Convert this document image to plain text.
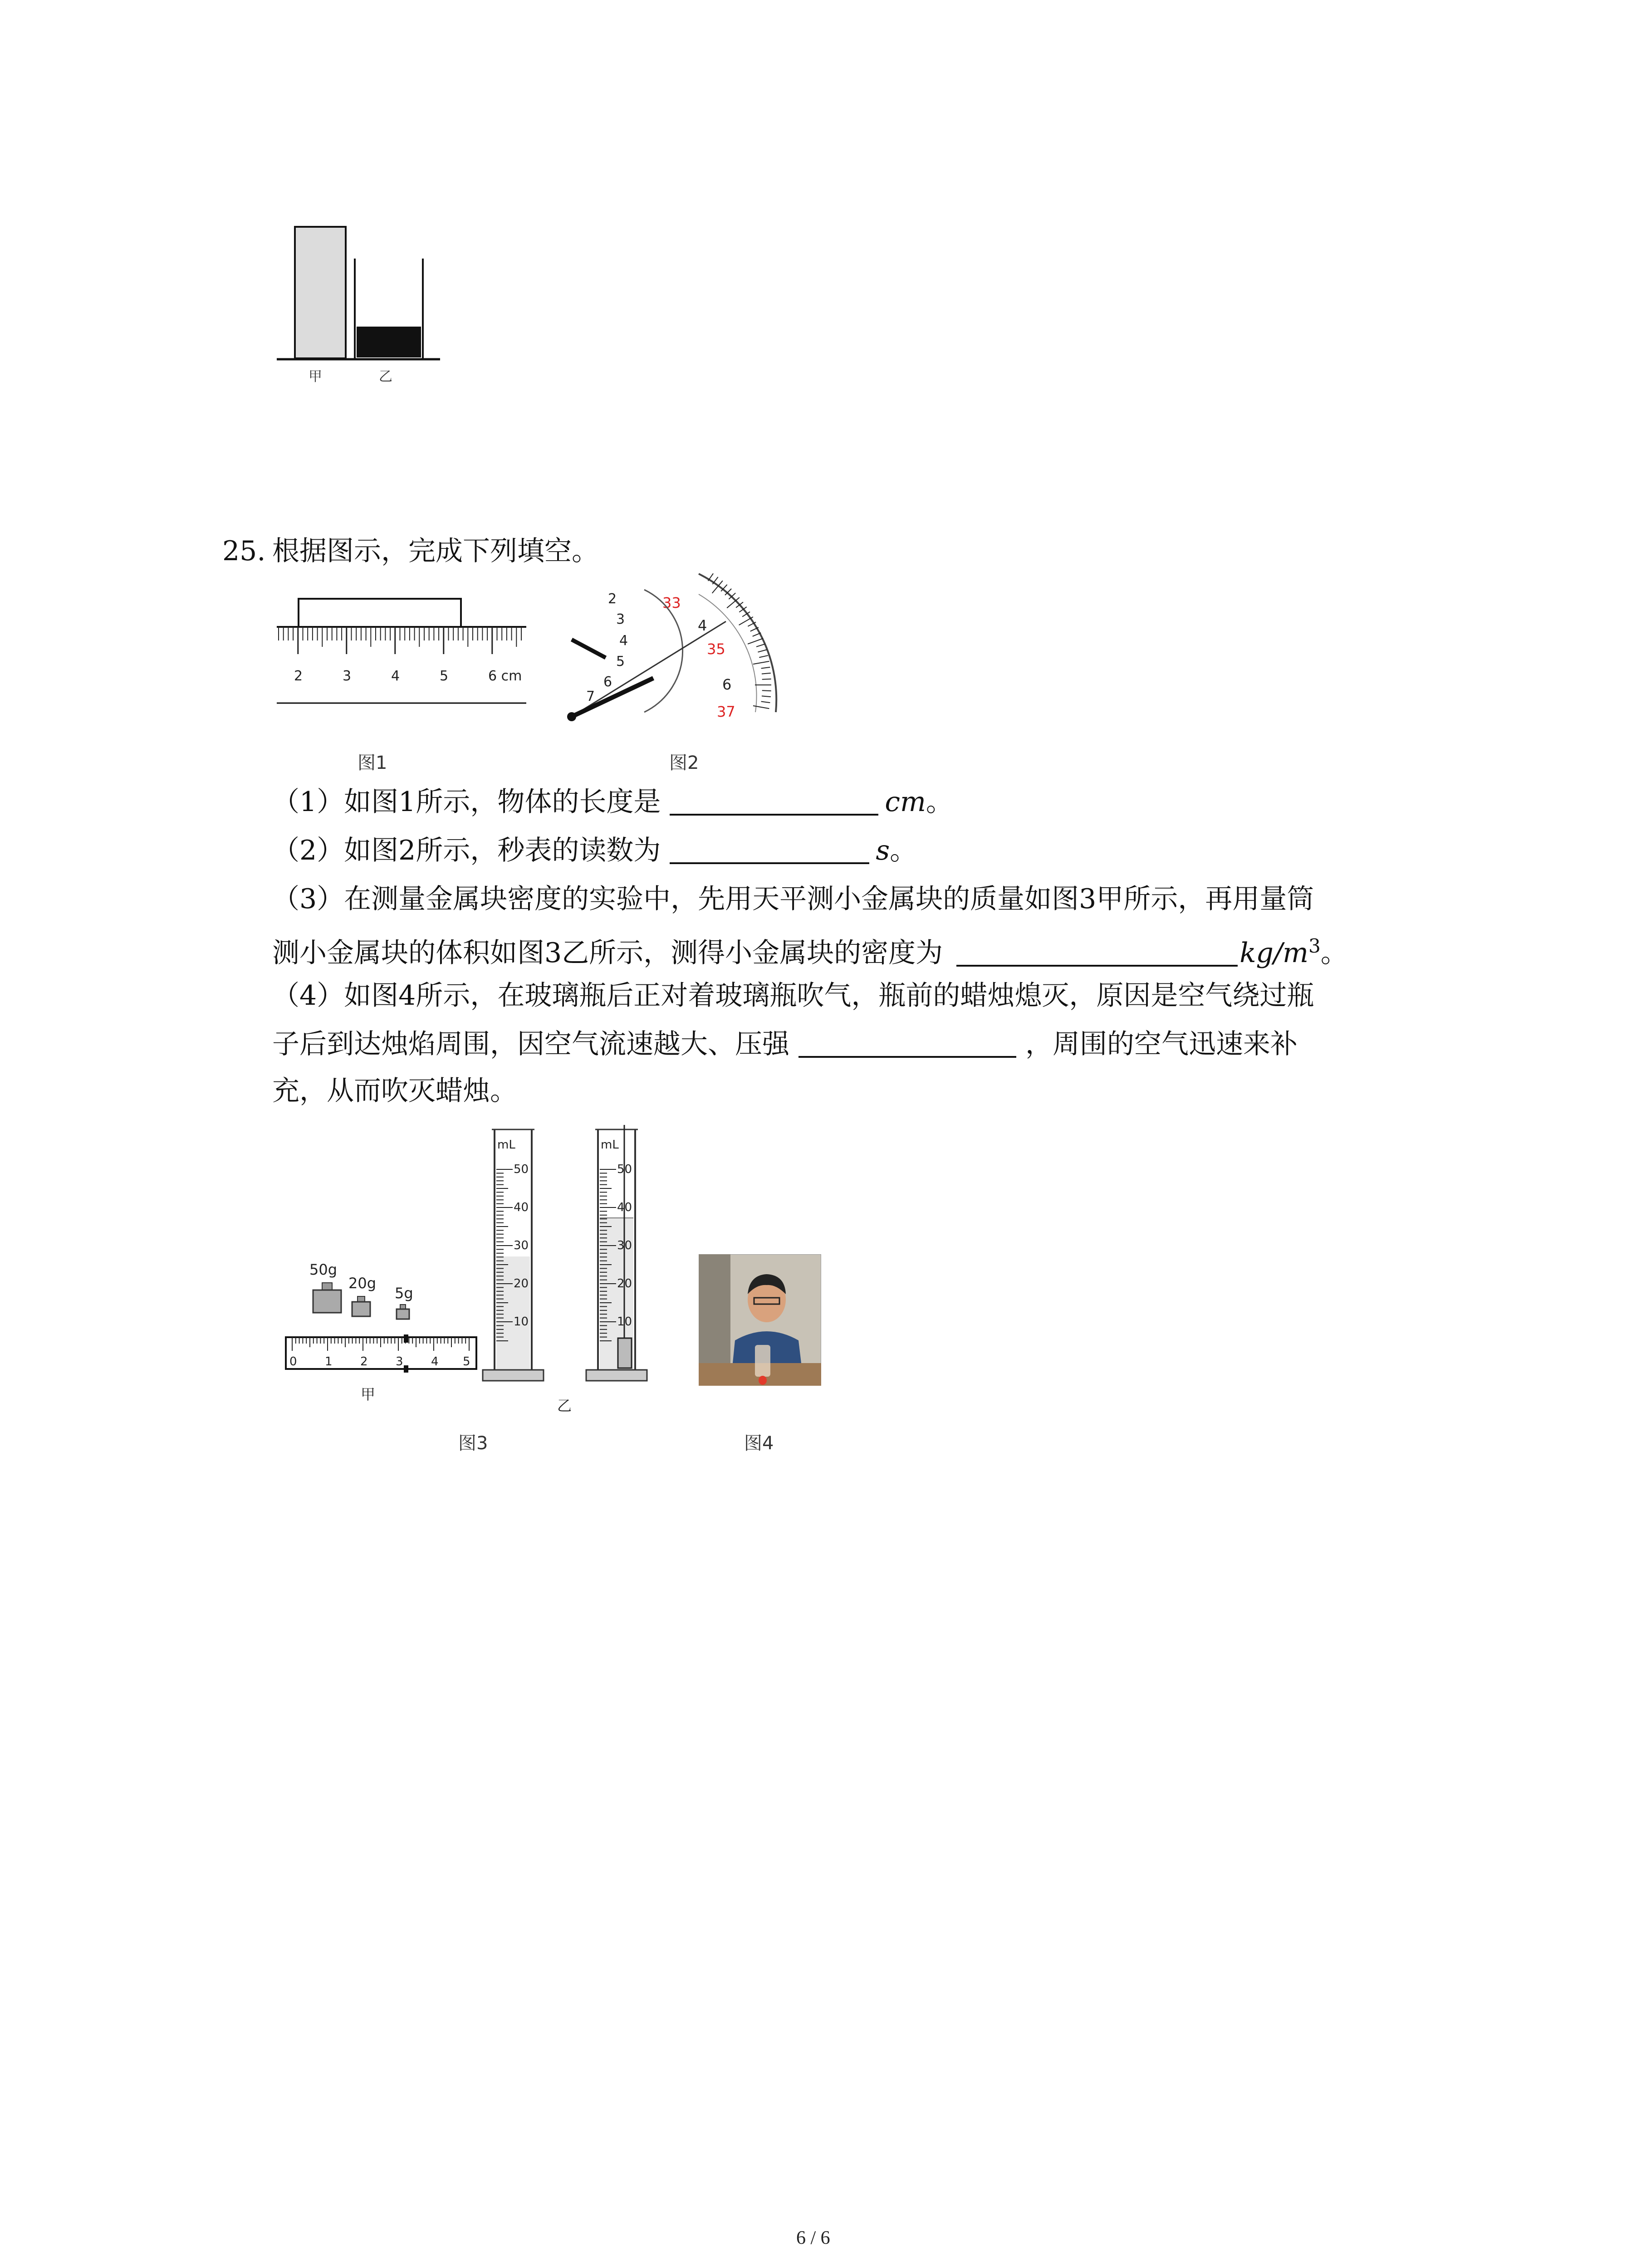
甲	乙
25. 根据图示，完成下列填空。
2	3	4	5	6 cm
图1
33
4
35
6
37
2
3
4
5
6
7
图2
（1）如图1所示，物体的长度是	cm。
（2）如图2所示，秒表的读数为	s。
（3）在测量金属块密度的实验中，先用天平测小金属块的质量如图3甲所示，再用量筒
测小金属块的体积如图3乙所示，测得小金属块的密度为	$kg/m^3$。
（4）如图4所示，在玻璃瓶后正对着玻璃瓶吹气，瓶前的蜡烛熄灭，原因是空气绕过瓶
子后到达烛焰周围，因空气流速越大、压强	，周围的空气迅速来补
充，从而吹灭蜡烛。
50g
20g
5g
0 1 2 3 4 5
甲
mL
50
40
30
20
10
mL
50
40
30
20
10
乙
图3	图4
6 / 6
